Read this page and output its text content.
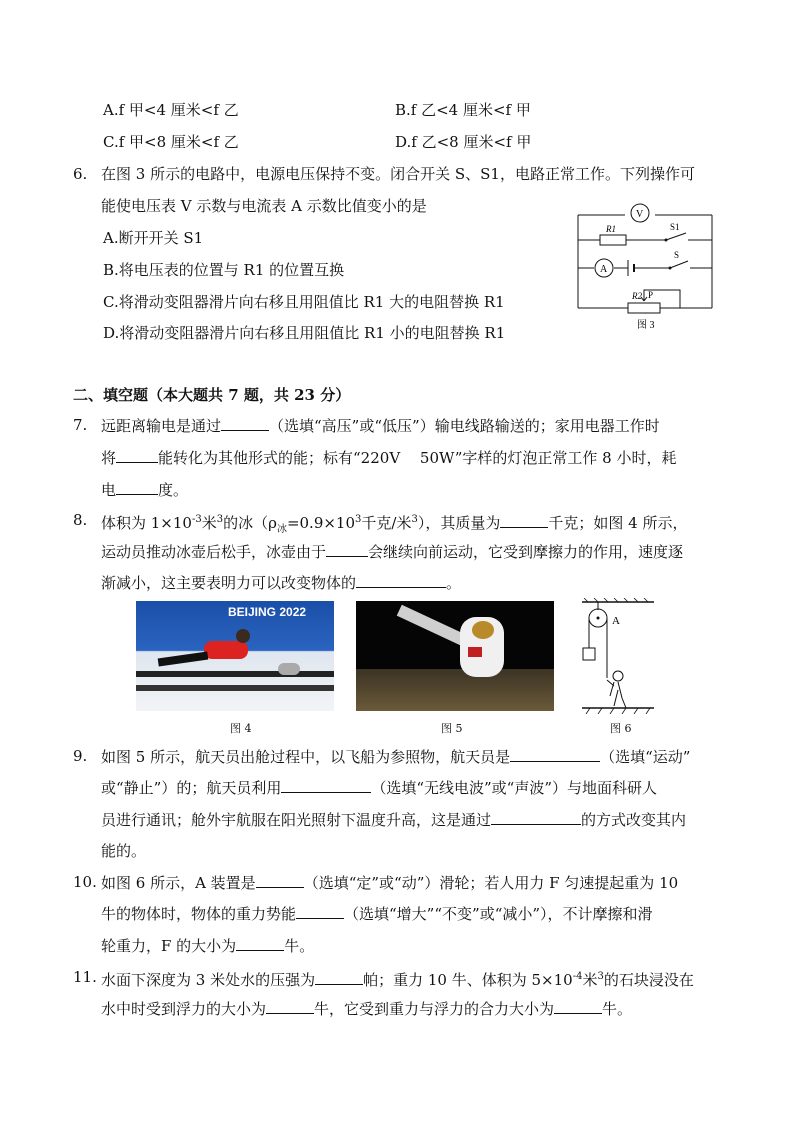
A.f 甲<4 厘米<f 乙	B.f 乙<4 厘米<f 甲
C.f 甲<8 厘米<f 乙	D.f 乙<8 厘米<f 甲
6. 在图 3 所示的电路中，电源电压保持不变。闭合开关 S、S1，电路正常工作。下列操作可
能使电压表 V 示数与电流表 A 示数比值变小的是
A.断开开关 S1
B.将电压表的位置与 R1 的位置互换
C.将滑动变阻器滑片向右移且用阻值比 R1 大的电阻替换 R1
D.将滑动变阻器滑片向右移且用阻值比 R1 小的电阻替换 R1
V
A
R1	S1
S
R2 P
图 3
二、填空题（本大题共 7 题，共 23 分）
7. 远距离输电是通过	（选填“高压”或“低压”）输电线路输送的；家用电器工作时
将	能转化为其他形式的能；标有“220V　 50W”字样的灯泡正常工作 8 小时，耗
电	度。
8. 体积为 $1\times 10^{-3}$米$^3$的冰（$\rho_冰=0.9\times 10^3$千克/米$^3$），其质量为	千克；如图 4 所示，
运动员推动冰壶后松手，冰壶由于	会继续向前运动，它受到摩擦力的作用，速度逐
渐减小，这主要表明力可以改变物体的	。
BEIJING 2022
图 4	图 5
A
图 6
9. 如图 5 所示，航天员出舱过程中，以飞船为参照物，航天员是	（选填“运动”
或“静止”）的；航天员利用	（选填“无线电波”或“声波”）与地面科研人
员进行通讯；舱外宇航服在阳光照射下温度升高，这是通过	的方式改变其内
能的。
10. 如图 6 所示，A 装置是	（选填“定”或“动”）滑轮；若人用力 F 匀速提起重为 10
牛的物体时，物体的重力势能	（选填“增大”“不变”或“减小”），不计摩擦和滑
轮重力，F 的大小为	牛。
11. 水面下深度为 3 米处水的压强为	帕；重力 10 牛、体积为 $5\times 10^{-4}$米$^3$的石块浸没在
水中时受到浮力的大小为	牛，它受到重力与浮力的合力大小为	牛。
